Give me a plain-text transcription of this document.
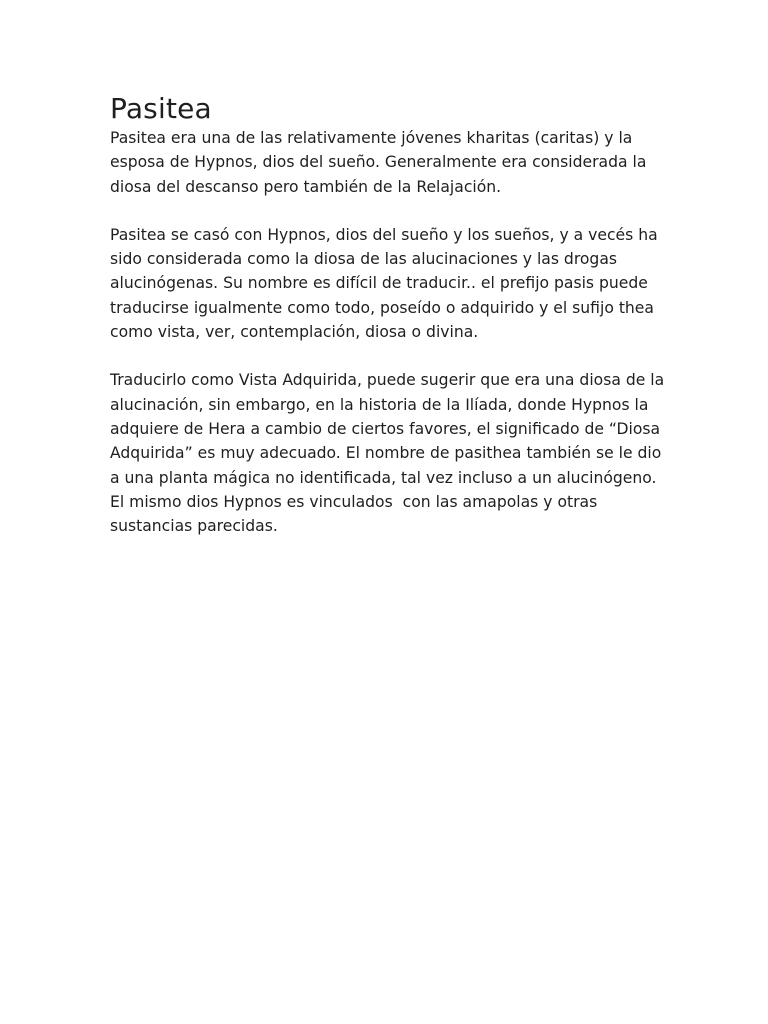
Pasitea

Pasitea era una de las relativamente jóvenes kharitas (caritas) y la esposa de Hypnos, dios del sueño. Generalmente era considerada la diosa del descanso pero también de la Relajación.

Pasitea se casó con Hypnos, dios del sueño y los sueños, y a vecés ha sido considerada como la diosa de las alucinaciones y las drogas alucinógenas. Su nombre es difícil de traducir.. el prefijo pasis puede traducirse igualmente como todo, poseído o adquirido y el sufijo thea como vista, ver, contemplación, diosa o divina.

Traducirlo como Vista Adquirida, puede sugerir que era una diosa de la alucinación, sin embargo, en la historia de la Ilíada, donde Hypnos la adquiere de Hera a cambio de ciertos favores, el significado de “Diosa Adquirida” es muy adecuado. El nombre de pasithea también se le dio a una planta mágica no identificada, tal vez incluso a un alucinógeno. El mismo dios Hypnos es vinculados  con las amapolas y otras sustancias parecidas.
